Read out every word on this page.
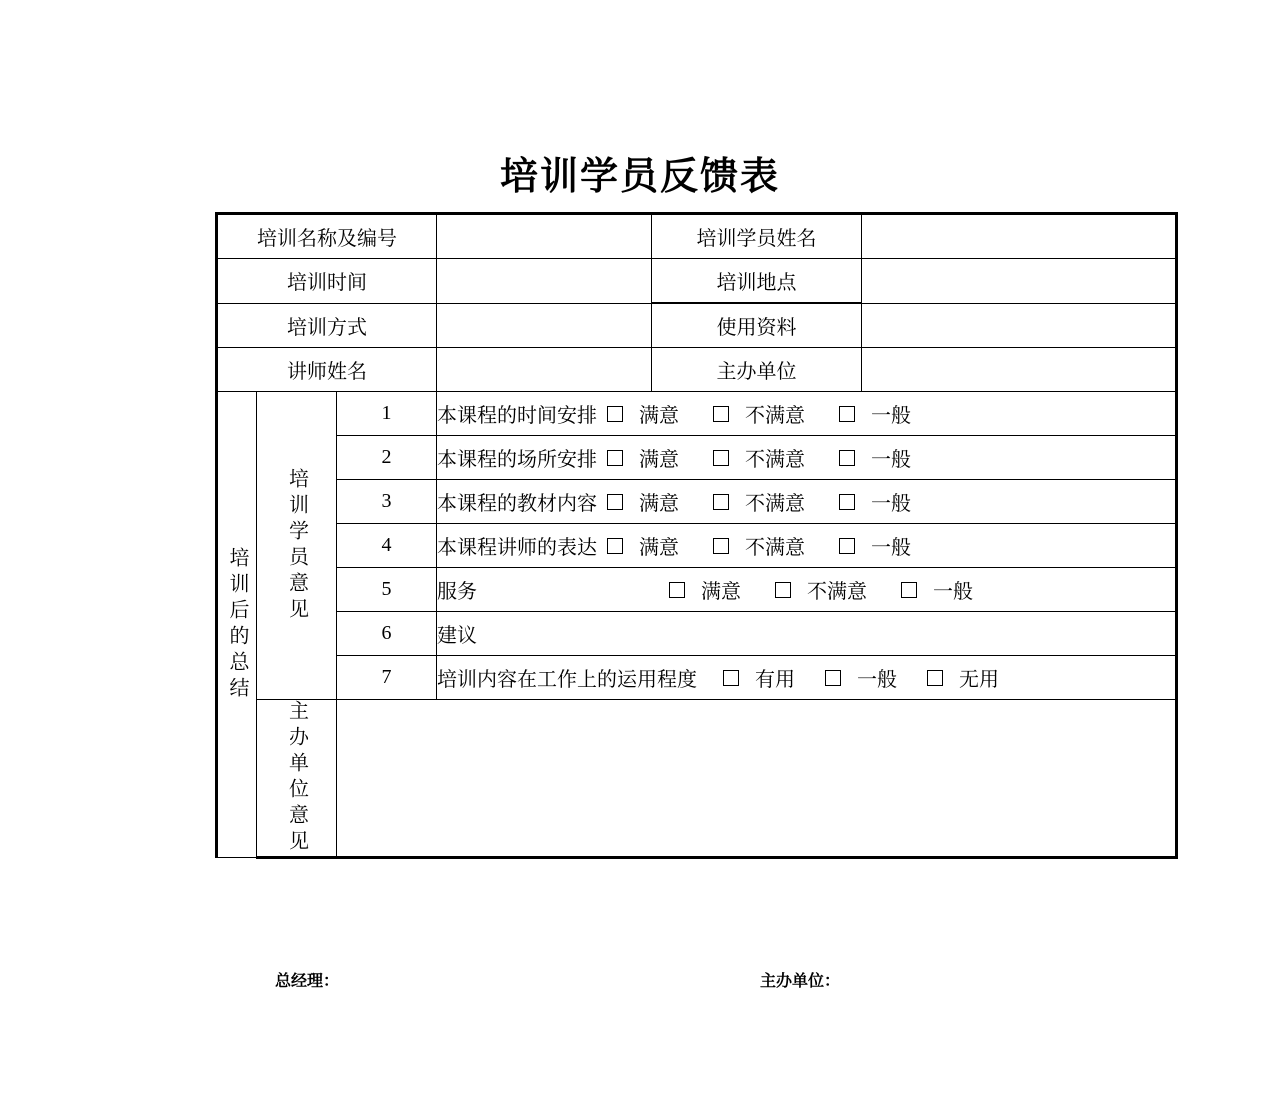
培训学员反馈表
培训名称及编号				培训学员姓名	
培训时间				培训地点	
培训方式				使用资料	
讲师姓名				主办单位	

培训后的总结	培训学员意见	1	本课程的时间安排 满意 不满意 一般		

		2	本课程的场所安排 满意 不满意 一般		

		3	本课程的教材内容 满意 不满意 一般		

		4	本课程讲师的表达 满意 不满意 一般		

		5	服务 满意 不满意 一般		

		6	建议		

		7	培训内容在工作上的运用程度 有用 一般 无用		

	主办单位意见				

总经理：	主办单位：
